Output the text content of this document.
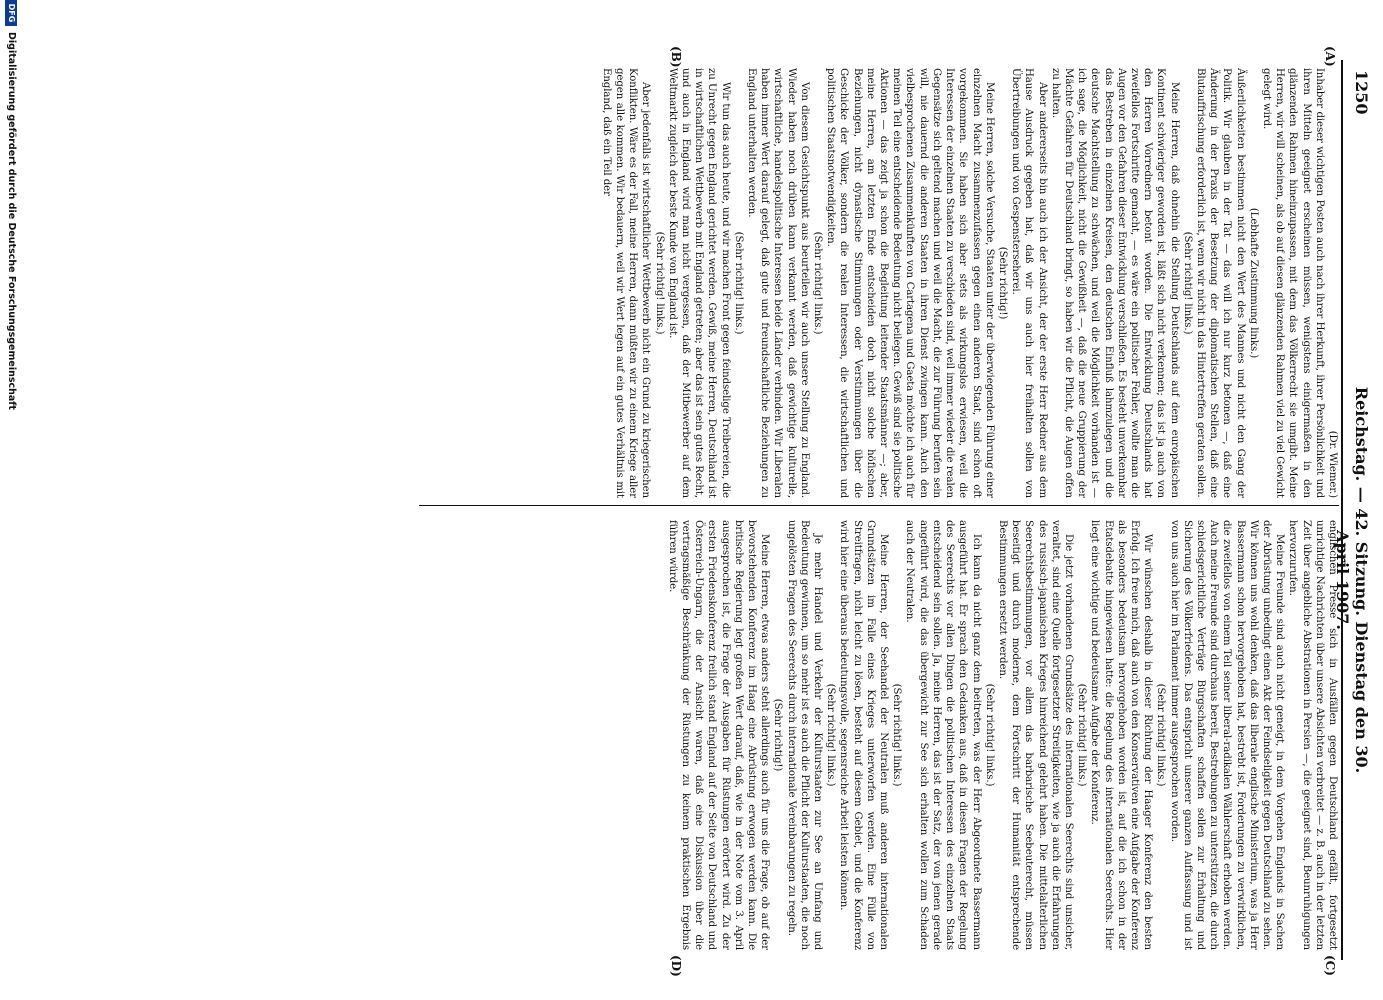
1250
Reichstag. — 42. Sitzung. Dienstag den 30. April 1907.
(A)
(B)
(C)
(D)

(Dr. Wiemer.)

Inhaber dieser wichtigen Posten auch nach ihrer Herkunft, ihrer Persönlichkeit und ihren Mitteln geeignet erscheinen müssen, wenigstens einigermaßen in den glänzenden Rahmen hineinzupassen, mit dem das Völkerrecht sie umgibt. Meine Herren, wir will scheinen, als ob auf diesen glänzenden Rahmen viel zu viel Gewicht gelegt wird.

(Lebhafte Zustimmung links.)

Äußerlichkeiten bestimmen nicht den Wert des Mannes und nicht den Gang der Politik. Wir glauben in der Tat — das will ich nur kurz betonen —, daß eine Änderung in der Praxis der Besetzung der diplomatischen Stellen, daß eine Blutauffrischung erforderlich ist, wenn wir nicht in das Hintertreffen geraten sollen.

(Sehr richtig! links.)

Meine Herren, daß ohnehin die Stellung Deutschlands auf dem europäischen Kontinent schwieriger geworden ist, läßt sich nicht verkennen; das ist ja auch von den Herren Vorrednern betont worden. Die Entwicklung Deutschlands hat zweifellos Fortschritte gemacht, — es wäre ein politischer Fehler, wollte man die Augen vor den Gefahren dieser Entwicklung verschließen. Es besteht unverkennbar das Bestreben in einzelnen Kreisen, den deutschen Einfluß lahmzulegen und die deutsche Machtstellung zu schwächen, und weil die Möglichkeit vorhanden ist — ich sage, die Möglichkeit, nicht die Gewißheit —, daß die neue Gruppierung der Mächte Gefahren für Deutschland bringt, so haben wir die Pflicht, die Augen offen zu halten.

Aber andererseits bin auch ich der Ansicht, der der erste Herr Redner aus dem Hause Ausdruck gegeben hat, daß wir uns auch hier freihalten sollen von Übertreibungen und von Gespensterseherei.

(Sehr richtig!)

Meine Herren, solche Versuche, Staaten unter der überwiegenden Führung einer einzelnen Macht zusammenzufassen gegen einen anderen Staat, sind schon oft vorgekommen. Sie haben sich aber stets als wirkungslos erwiesen, weil die Interessen der einzelnen Staaten zu verschieden sind, weil immer wieder die realen Gegensätze sich geltend machen und weil die Macht, die zur Führung berufen sein will, nie dauernd die anderen Staaten in ihren Dienst zwingen kann. Auch den vielbesprochenen Zusammenkünften von Cartagena und Gaeta möchte ich auch für meinen Teil eine entscheidende Bedeutung nicht beilegen. Gewiß sind sie politische Aktionen — das zeigt ja schon die Begleitung leitender Staatsmänner —; aber, meine Herren, am letzten Ende entscheiden doch nicht solche höfischen Beziehungen, nicht dynastische Stimmungen oder Verstimmungen über die Geschicke der Völker, sondern die realen Interessen, die wirtschaftlichen und politischen Staatsnotwendigkeiten.

(Sehr richtig! links.)

Von diesem Gesichtspunkt aus beurteilen wir auch unsere Stellung zu England. Wieder haben noch drüben kann verkannt werden, daß gewichtige kulturelle, wirtschaftliche, handelspolitische Interessen beide Länder verbinden. Wir Liberalen haben immer Wert darauf gelegt, daß gute und freundschaftliche Beziehungen zu England unterhalten werden.

(Sehr richtig! links.)

Wir tun das auch heute, und wir machen Front gegen feindselige Treibereien, die zu Unrecht gegen England gerichtet werden. Gewiß, meine Herren, Deutschland ist in wirtschaftlichen Wettbewerb mit England getreten; aber das ist sein gutes Recht, und auch in England wird man nicht vergessen, daß der Mitbewerber auf dem Weltmarkt zugleich der beste Kunde von England ist.

(Sehr richtig! links.)

Aber jedenfalls ist wirtschaftlicher Wettbewerb nicht ein Grund zu kriegerischen Konflikten. Wäre es der Fall, meine Herren, dann müßten wir zu einem Kriege aller gegen alle kommen. Wir bedauern, weil wir Wert legen auf ein gutes Verhältnis mit England, daß ein Teil der

englischen Presse sich in Ausfällen gegen Deutschland gefällt, fortgesetzt unrichtige Nachrichten über unsere Absichten verbreitet — z. B. auch in der letzten Zeit über angebliche Abstrationen in Persien —, die geeignet sind, Beunruhigungen hervorzurufen.

Meine Freunde sind auch nicht geneigt, in dem Vorgehen Englands in Sachen der Abrüstung unbedingt einen Akt der Feindseligkeit gegen Deutschland zu sehen. Wir können uns wohl denken, daß das liberale englische Ministerium, was ja Herr Bassermann schon hervorgehoben hat, bestrebt ist, Forderungen zu verwirklichen, die zweifellos von einem Teil seiner liberal-radikalen Wählerschaft erhoben werden. Auch meine Freunde sind durchaus bereit, Bestrebungen zu unterstützen, die durch schiedsgerichtliche Verträge Bürgschaften schaffen sollen zur Erhaltung und Sicherung des Völkerfriedens. Das entspricht unserer ganzen Auffassung und ist von uns auch hier im Parlament immer ausgesprochen worden.

(Sehr richtig! links.)

Wir wünschen deshalb in dieser Richtung der Haager Konferenz den besten Erfolg. Ich freue mich, daß auch von den Konservativen eine Aufgabe der Konferenz als besonders bedeutsam hervorgehoben worden ist, auf die ich schon in der Etatsdebatte hingewiesen hatte: die Regelung des internationalen Seerechts. Hier liegt eine wichtige und bedeutsame Aufgabe der Konferenz.

(Sehr richtig! links.)

Die jetzt vorhandenen Grundsätze des internationalen Seerechts sind unsicher, veraltet, sind eine Quelle fortgesetzter Streitigkeiten, wie ja auch die Erfahrungen des russisch-japanischen Krieges hinreichend gelehrt haben. Die mittelalterlichen Seerechtsbestimmungen, vor allem das barbarische Seebeuterecht, müssen beseitigt und durch moderne, dem Fortschritt der Humanität entsprechende Bestimmungen ersetzt werden.

(Sehr richtig! links.)

Ich kann da nicht ganz dem beitreten, was der Herr Abgeordnete Bassermann ausgeführt hat. Er sprach den Gedanken aus, daß in diesen Fragen der Regelung des Seerechts vor allen Dingen die politischen Interessen des einzelnen Staats entscheidend sein sollen. Ja, meine Herren, das ist der Satz, der von jenen gerade angeführt wird, die das übergewicht zur See sich erhalten wollen zum Schaden auch der Neutralen.

(Sehr richtig! links.)

Meine Herren, der Seehandel der Neutralen muß anderen internationalen Grundsätzen im Falle eines Krieges unterworfen werden. Eine Fülle von Streitfragen, nicht leicht zu lösen, besteht auf diesem Gebiet, und die Konferenz wird hier eine überaus bedeutungsvolle, segensreiche Arbeit leisten können.

(Sehr richtig! links.)

Je mehr Handel und Verkehr der Kulturstaaten zur See an Umfang und Bedeutung gewinnen, um so mehr ist es auch die Pflicht der Kulturstaaten, die noch ungelösten Fragen des Seerechts durch internationale Vereinbarungen zu regeln.

(Sehr richtig!)

Meine Herren, etwas anders steht allerdings auch für uns die Frage, ob auf der bevorstehenden Konferenz im Haag eine Abrüstung erwogen werden kann. Die britische Regierung legt großen Wert darauf, daß, wie in der Note vom 3. April ausgesprochen ist, die Frage der Ausgaben für Rüstungen erörtert wird. Zu der ersten Friedenskonferenz freilich stand England auf der Seite von Deutschland und Österreich-Ungarn, die der Ansicht waren, daß eine Diskussion über die vertragsmäßige Beschränkung der Rüstungen zu keinem praktischen Ergebnis führen würde.

DFG
Digitalisierung gefördert durch die Deutsche Forschungsgemeinschaft
